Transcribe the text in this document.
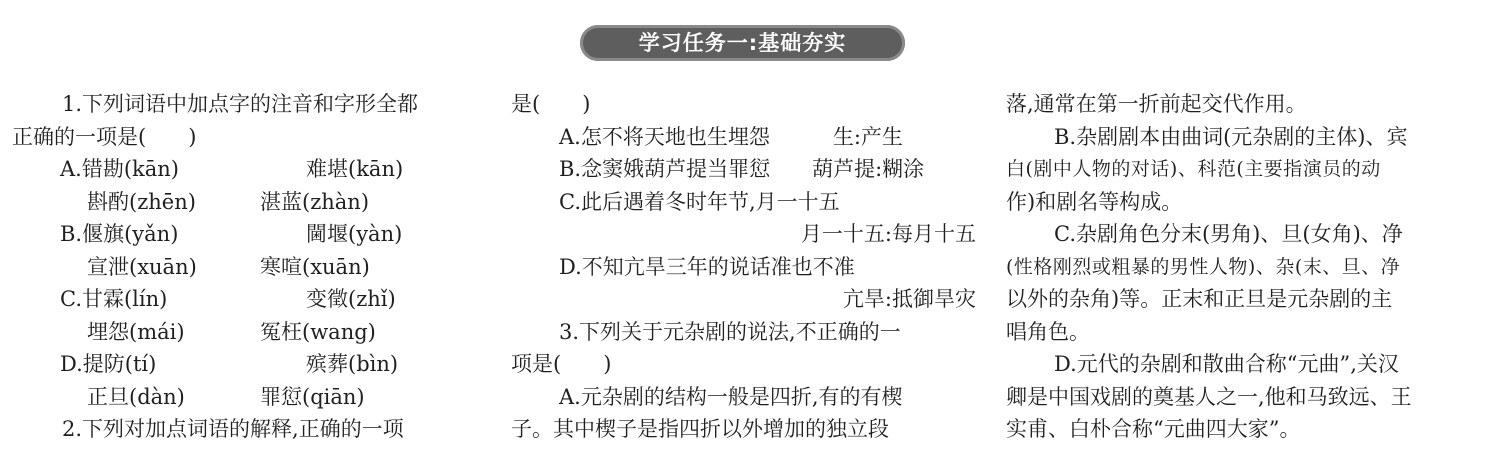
学习任务一:基础夯实
1.下列词语中加点字的注音和字形全都
正确的一项是(　　)
A.错勘(kān)	难堪(kān)
斟酌(zhēn)	湛蓝(zhàn)
B.偃旗(yǎn)	閫堰(yàn)
宣泄(xuān)	寒喧(xuān)
C.甘霖(lín)	变徵(zhǐ)
埋怨(mái)	冤枉(wang)
D.提防(tí)	殡葬(bìn)
正旦(dàn)	罪愆(qiān)
2.下列对加点词语的解释,正确的一项
是(　　)
A.怎不将天地也生埋怨　　　生:产生
B.念窦娥葫芦提当罪愆　　葫芦提:糊涂
C.此后遇着冬时年节,月一十五
月一十五:每月十五
D.不知亢旱三年的说话准也不准
亢旱:抵御旱灾
3.下列关于元杂剧的说法,不正确的一
项是(　　)
A.元杂剧的结构一般是四折,有的有楔
子。其中楔子是指四折以外增加的独立段
落,通常在第一折前起交代作用。
B.杂剧剧本由曲词(元杂剧的主体)、宾
白(剧中人物的对话)、科范(主要指演员的动
作)和剧名等构成。
C.杂剧角色分末(男角)、旦(女角)、净
(性格刚烈或粗暴的男性人物)、杂(末、旦、净
以外的杂角)等。正末和正旦是元杂剧的主
唱角色。
D.元代的杂剧和散曲合称“元曲”,关汉
卿是中国戏剧的奠基人之一,他和马致远、王
实甫、白朴合称“元曲四大家”。
